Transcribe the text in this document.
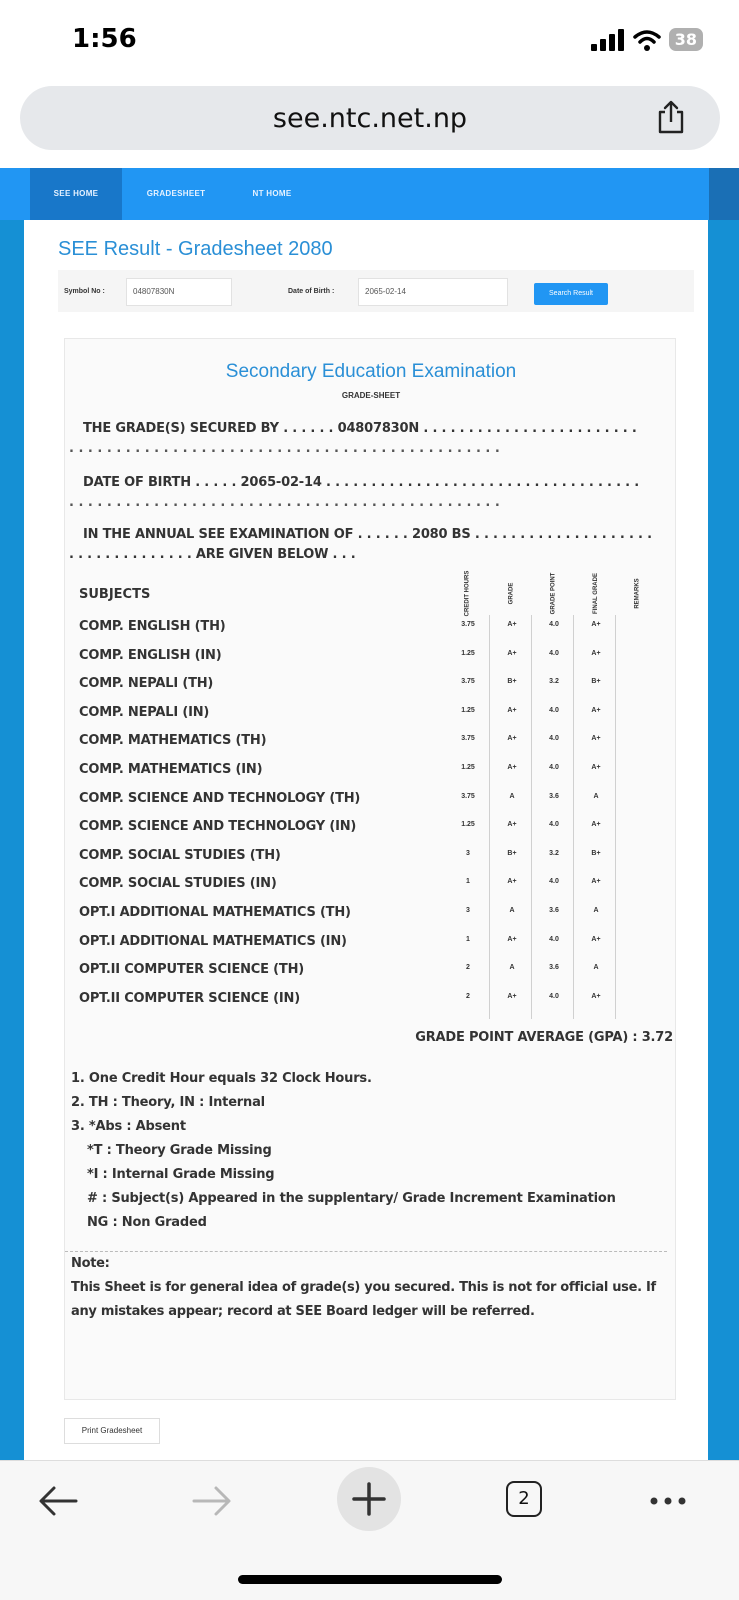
1:56	38
see.ntc.net.np
SEE HOME	GRADESHEET	NT HOME
SEE Result - Gradesheet 2080
Symbol No :	04807830N	Date of Birth :	2065-02-14	Search Result
Secondary Education Examination
GRADE-SHEET
THE GRADE(S) SECURED BY . . . . . . 04807830N . . . . . . . . . . . . . . . . . . . . . . . .
. . . . . . . . . . . . . . . . . . . . . . . . . . . . . . . . . . . . . . . . . . . . . .
DATE OF BIRTH . . . . . 2065-02-14 . . . . . . . . . . . . . . . . . . . . . . . . . . . . . . . . . . .
. . . . . . . . . . . . . . . . . . . . . . . . . . . . . . . . . . . . . . . . . . . . . .
IN THE ANNUAL SEE EXAMINATION OF . . . . . . 2080 BS . . . . . . . . . . . . . . . . . . . .
. . . . . . . . . . . . . . ARE GIVEN BELOW . . .
SUBJECTS	CREDIT HOURS	GRADE	GRADE POINT	FINAL GRADE	REMARKS
COMP. ENGLISH (TH)	3.75	A+	4.0	A+
COMP. ENGLISH (IN)	1.25	A+	4.0	A+
COMP. NEPALI (TH)	3.75	B+	3.2	B+
COMP. NEPALI (IN)	1.25	A+	4.0	A+
COMP. MATHEMATICS (TH)	3.75	A+	4.0	A+
COMP. MATHEMATICS (IN)	1.25	A+	4.0	A+
COMP. SCIENCE AND TECHNOLOGY (TH)	3.75	A	3.6	A
COMP. SCIENCE AND TECHNOLOGY (IN)	1.25	A+	4.0	A+
COMP. SOCIAL STUDIES (TH)	3	B+	3.2	B+
COMP. SOCIAL STUDIES (IN)	1	A+	4.0	A+
OPT.I ADDITIONAL MATHEMATICS (TH)	3	A	3.6	A
OPT.I ADDITIONAL MATHEMATICS (IN)	1	A+	4.0	A+
OPT.II COMPUTER SCIENCE (TH)	2	A	3.6	A
OPT.II COMPUTER SCIENCE (IN)	2	A+	4.0	A+
GRADE POINT AVERAGE (GPA) : 3.72
1. One Credit Hour equals 32 Clock Hours.
2. TH : Theory, IN : Internal
3. *Abs : Absent
*T : Theory Grade Missing
*I : Internal Grade Missing
# : Subject(s) Appeared in the supplentary/ Grade Increment Examination
NG : Non Graded
Note:
This Sheet is for general idea of grade(s) you secured. This is not for official use. If
any mistakes appear; record at SEE Board ledger will be referred.
Print Gradesheet
2
